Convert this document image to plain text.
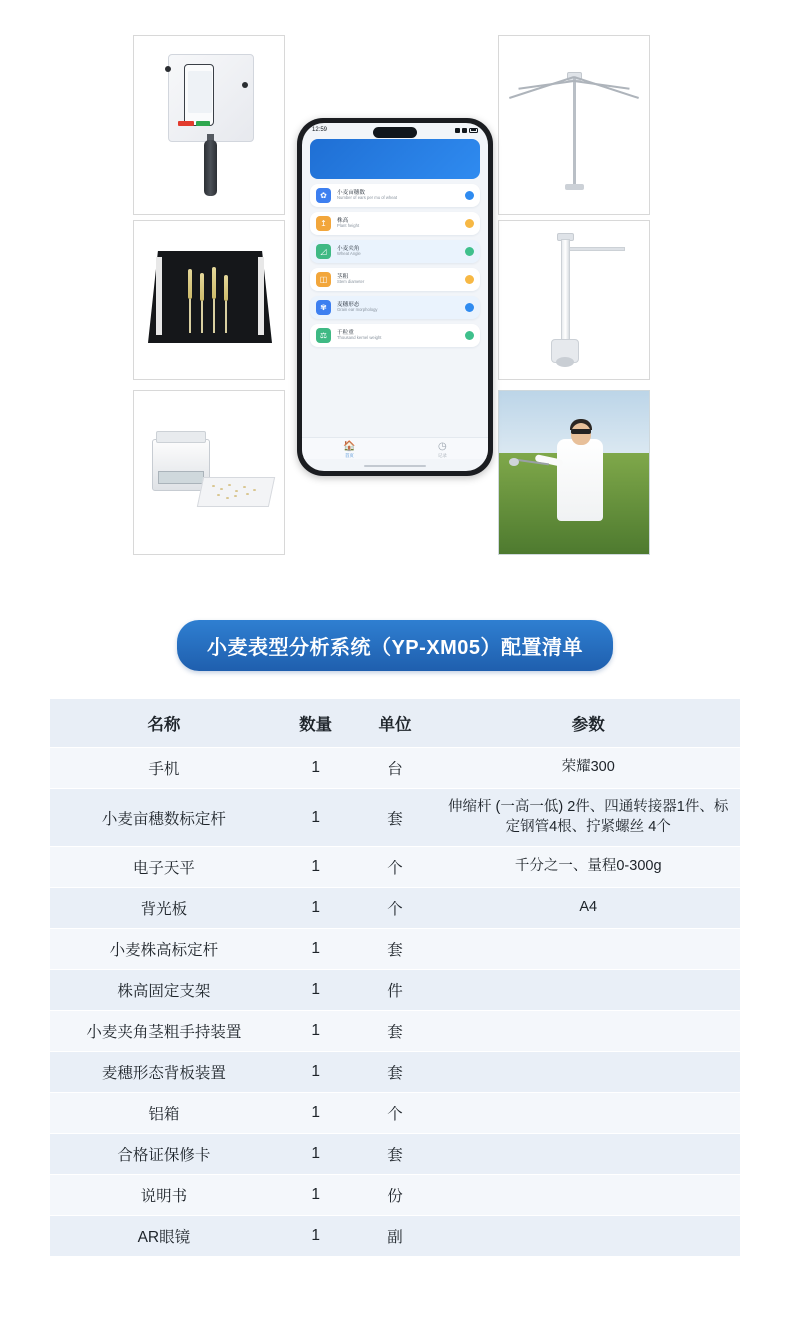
12:59
✿	小麦亩穗数
Number of ears per mu of wheat
↥	株高
Plant height
◿	小麦夹角
Wheat Angle
◫	茎粗
Stem diameter
✾	麦穗形态
Grain ear morphology
⚖	千粒重
Thousand kernel weight
🏠
首页
◷
记录
小麦表型分析系统（YP-XM05）配置清单
名称	数量	单位	参数
手机	1	台	荣耀300
小麦亩穗数标定杆	1	套	伸缩杆 (一高一低) 2件、四通转接器1件、标定钢管4根、拧紧螺丝 4个
电子天平	1	个	千分之一、量程0-300g
背光板	1	个	A4
小麦株高标定杆	1	套	
株高固定支架	1	件	
小麦夹角茎粗手持装置	1	套	
麦穗形态背板装置	1	套	
铝箱	1	个	
合格证保修卡	1	套	
说明书	1	份	
AR眼镜	1	副	
